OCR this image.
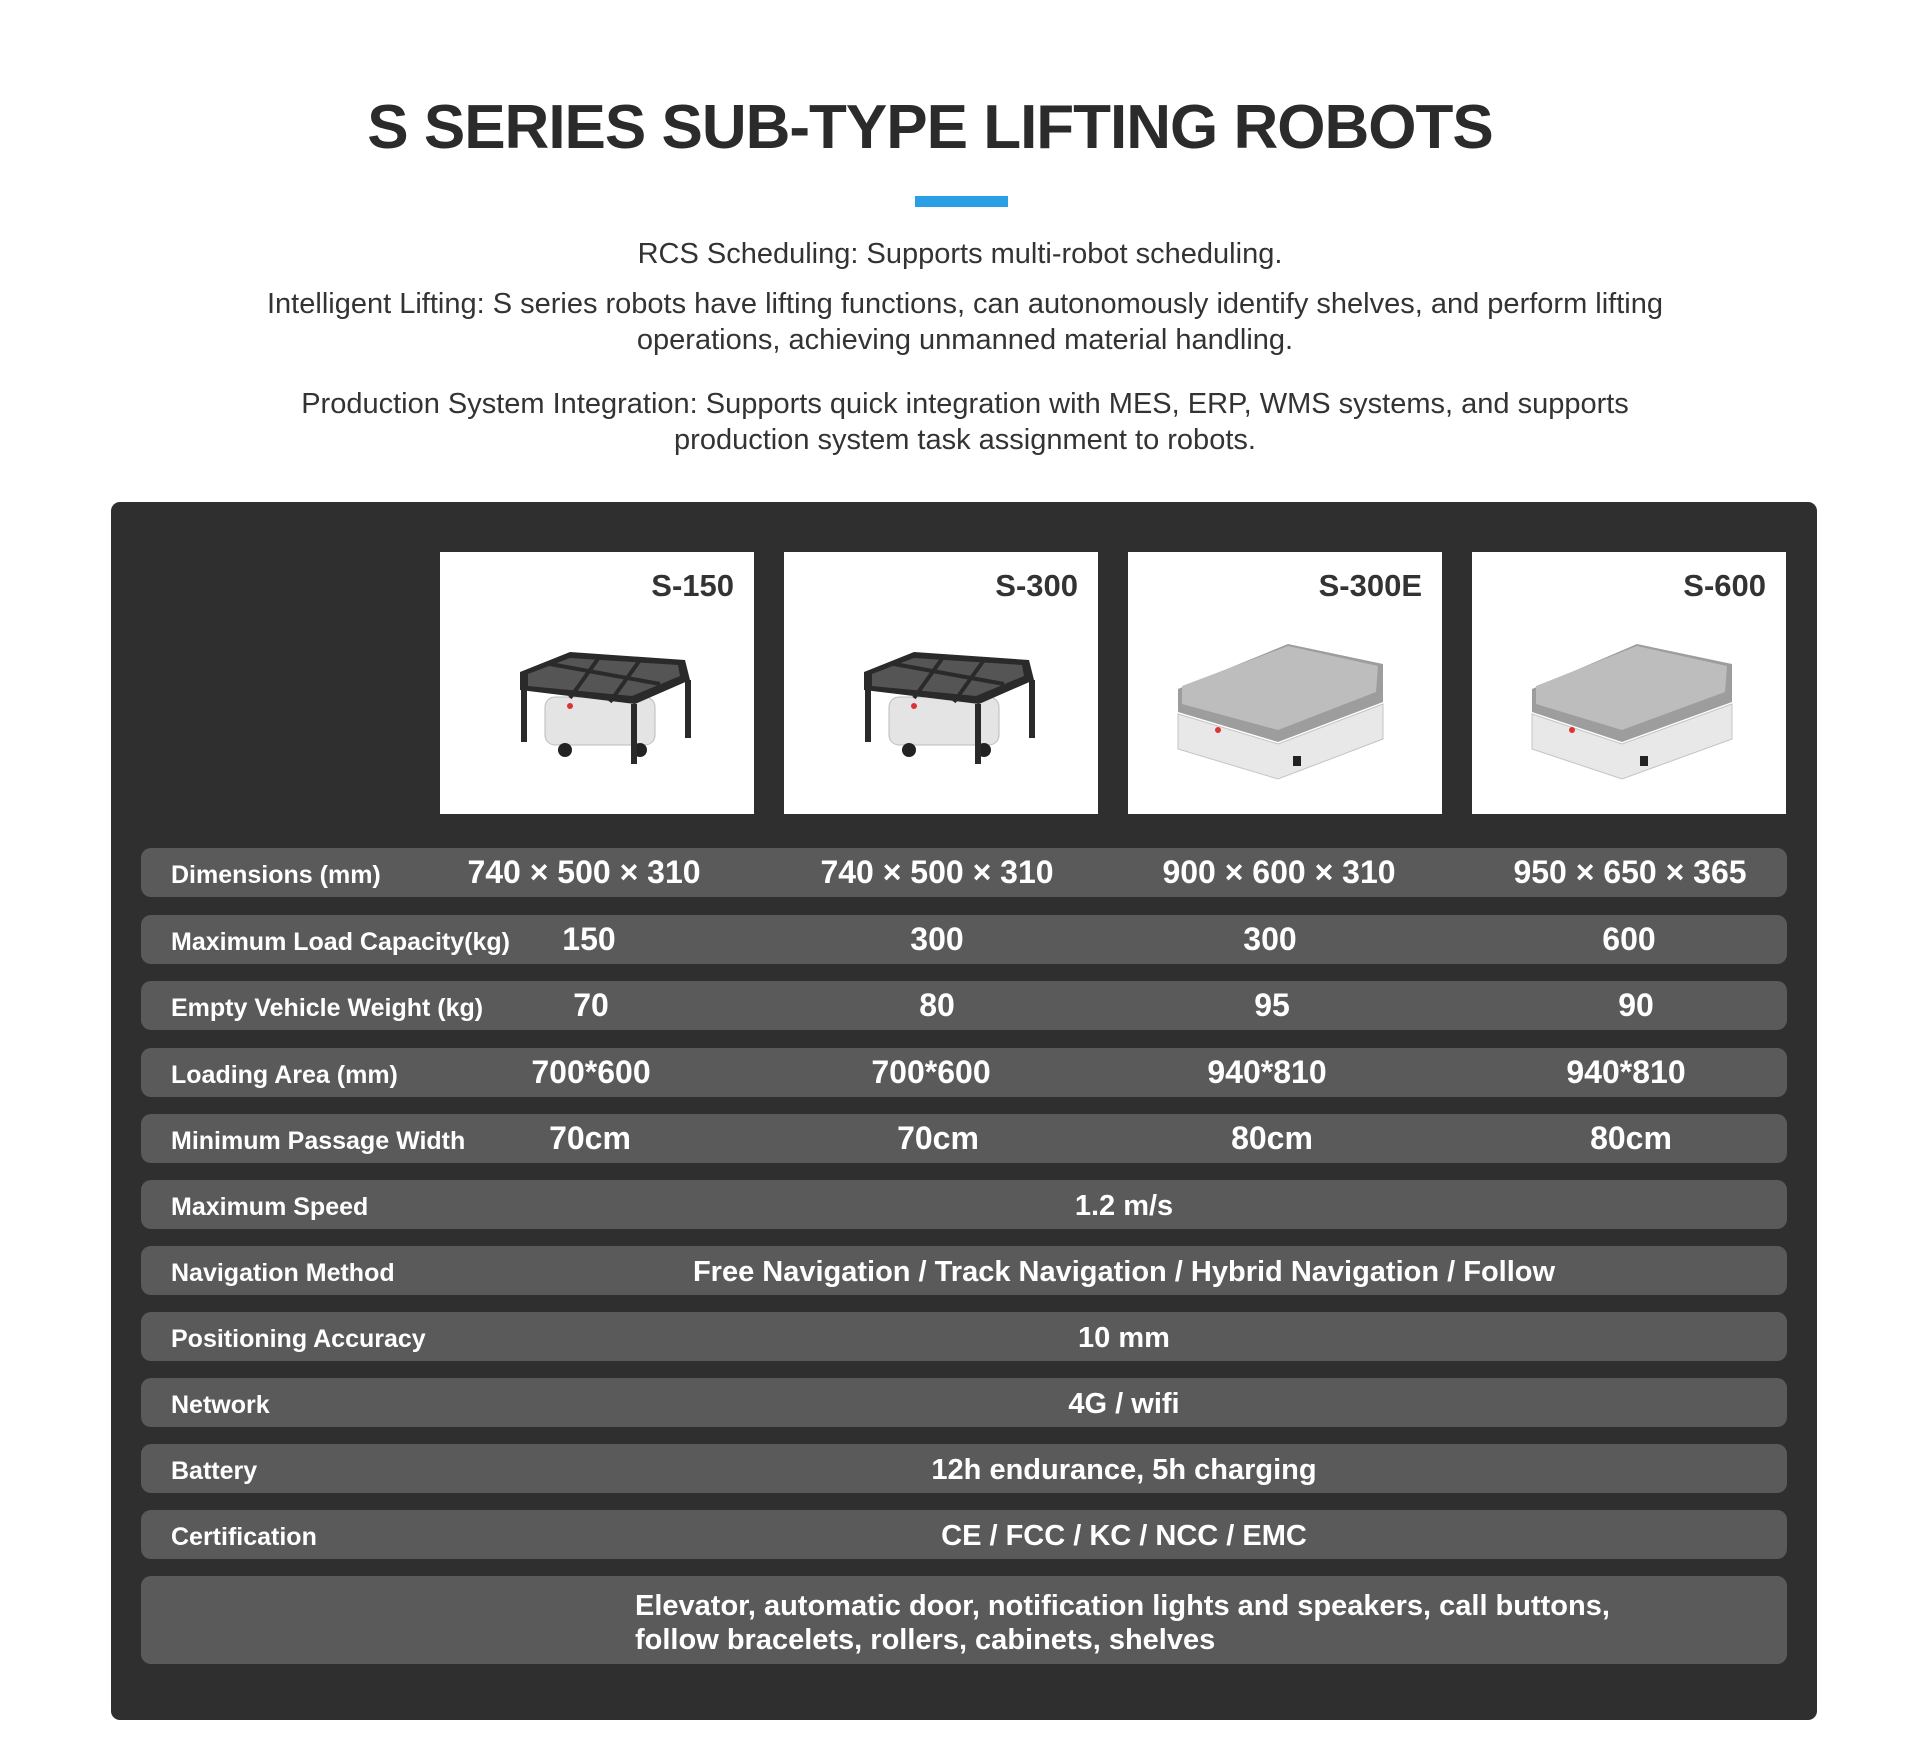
S SERIES SUB-TYPE LIFTING ROBOTS
RCS Scheduling: Supports multi-robot scheduling.
Intelligent Lifting: S series robots have lifting functions, can autonomously identify shelves, and perform lifting operations, achieving unmanned material handling.
Production System Integration: Supports quick integration with MES, ERP, WMS systems, and supports production system task assignment to robots.
S-150	S-300	S-300E	S-600
Dimensions (mm)	740 × 500 × 310	740 × 500 × 310	900 × 600 × 310	950 × 650 × 365
Maximum Load Capacity(kg)	150	300	300	600
Empty Vehicle Weight (kg)	70	80	95	90
Loading Area (mm)	700*600	700*600	940*810	940*810
Minimum Passage Width	70cm	70cm	80cm	80cm
Maximum Speed	1.2 m/s
Navigation Method	Free Navigation / Track Navigation / Hybrid Navigation / Follow
Positioning Accuracy	10 mm
Network	4G / wifi
Battery	12h endurance, 5h charging
Certification	CE / FCC / KC / NCC / EMC
Elevator, automatic door, notification lights and speakers, call buttons,
follow bracelets, rollers, cabinets, shelves
